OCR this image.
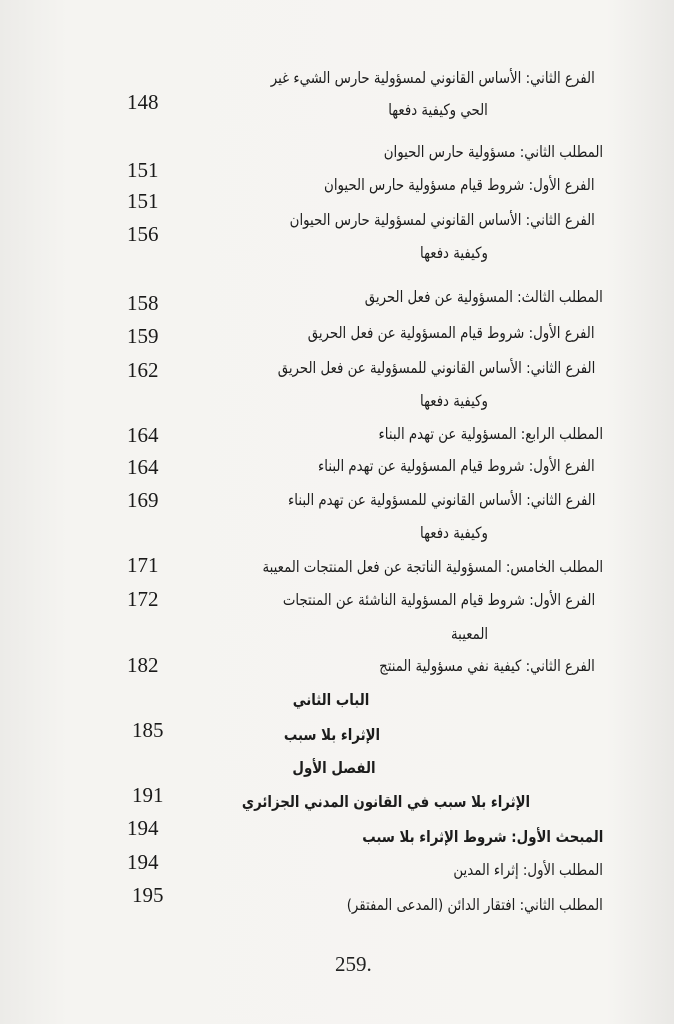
الفرع الثاني: الأساس القانوني لمسؤولية حارس الشيء غير
الحي وكيفية دفعها
المطلب الثاني: مسؤولية حارس الحيوان
الفرع الأول: شروط قيام مسؤولية حارس الحيوان
الفرع الثاني: الأساس القانوني لمسؤولية حارس الحيوان
وكيفية دفعها
المطلب الثالث: المسؤولية عن فعل الحريق
الفرع الأول: شروط قيام المسؤولية عن فعل الحريق
الفرع الثاني: الأساس القانوني للمسؤولية عن فعل الحريق
وكيفية دفعها
المطلب الرابع: المسؤولية عن تهدم البناء
الفرع الأول: شروط قيام المسؤولية عن تهدم البناء
الفرع الثاني: الأساس القانوني للمسؤولية عن تهدم البناء
وكيفية دفعها
المطلب الخامس: المسؤولية الناتجة عن فعل المنتجات المعيبة
الفرع الأول: شروط قيام المسؤولية الناشئة عن المنتجات
المعيبة
الفرع الثاني: كيفية نفي مسؤولية المنتج
الباب الثاني
الإثراء بلا سبب
الفصل الأول
الإثراء بلا سبب في القانون المدني الجزائري
المبحث الأول: شروط الإثراء بلا سبب
المطلب الأول: إثراء المدين
المطلب الثاني: افتقار الدائن (المدعى المفتقر)
148
151
151
156
158
159
162
164
164
169
171
172
182
185
191
194
194
195
259.
